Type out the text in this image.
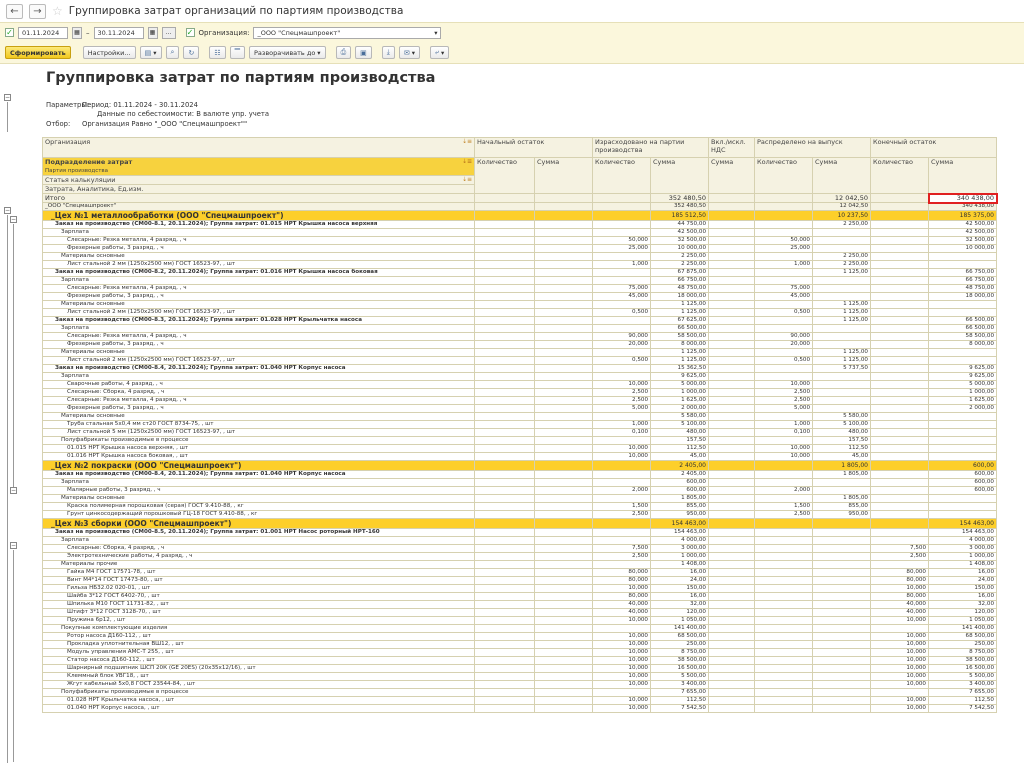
←	→ ☆ Группировка затрат организаций по партиям производства
✓	01.11.2024	▦ –	30.11.2024	▦	…	✓ Организация: _ООО "Спецмашпроект"	▾
Сформировать	Настройки... ▤ ▾	⌕ ↻	☷ ▔ Разворачивать до ▾	⎙ ▣	⤓ ✉ ▾	⤶ ▾
−
−
−
−
−
Группировка затрат по партиям производства
Параметры:Период: 01.11.2024 - 30.11.2024
Данные по себестоимости: В валюте упр. учета
Отбор: Организация Равно "_ООО "Спецмашпроект""
⇣≡
Организация	Начальный остаток		Израсходовано на партии производства		Вкл./искл. НДС	Распределено на выпуск		Конечный остаток	

⇣≡
Подразделение затрат
Партия производства	Количество	Сумма	Количество	Сумма	Сумма	Количество	Сумма	Количество	Сумма

⇣≡
Статья калькуляции									
Затрата, Аналитика, Ед.изм.									
Итого				352 480,50			12 042,50		340 438,00
_ООО "Спецмашпроект"				352 480,50			12 042,50		340 438,00
_Цех №1 металлообработки (ООО "Спецмашпроект")				185 512,50			10 237,50		185 375,00
Заказ на производство (СМ00-8.1, 20.11.2024); Группа затрат: 01.015 НРТ Крышка насоса верхняя				44 750,00			2 250,00		42 500,00
Зарплата				42 500,00					42 500,00
Слесарные: Резка металла, 4 разряд, , ч			50,000	32 500,00		50,000			32 500,00
Фрезерные работы, 3 разряд, , ч			25,000	10 000,00		25,000			10 000,00
Материалы основные				2 250,00			2 250,00		
Лист стальной 2 мм (1250х2500 мм) ГОСТ 16523-97, , шт			1,000	2 250,00		1,000	2 250,00		
Заказ на производство (СМ00-8.2, 20.11.2024); Группа затрат: 01.016 НРТ Крышка насоса боковая				67 875,00			1 125,00		66 750,00
Зарплата				66 750,00					66 750,00
Слесарные: Резка металла, 4 разряд, , ч			75,000	48 750,00		75,000			48 750,00
Фрезерные работы, 3 разряд, , ч			45,000	18 000,00		45,000			18 000,00
Материалы основные				1 125,00			1 125,00		
Лист стальной 2 мм (1250х2500 мм) ГОСТ 16523-97, , шт			0,500	1 125,00		0,500	1 125,00		
Заказ на производство (СМ00-8.3, 20.11.2024); Группа затрат: 01.028 НРТ Крыльчатка насоса				67 625,00			1 125,00		66 500,00
Зарплата				66 500,00					66 500,00
Слесарные: Резка металла, 4 разряд, , ч			90,000	58 500,00		90,000			58 500,00
Фрезерные работы, 3 разряд, , ч			20,000	8 000,00		20,000			8 000,00
Материалы основные				1 125,00			1 125,00		
Лист стальной 2 мм (1250х2500 мм) ГОСТ 16523-97, , шт			0,500	1 125,00		0,500	1 125,00		
Заказ на производство (СМ00-8.4, 20.11.2024); Группа затрат: 01.040 НРТ Корпус насоса				15 362,50			5 737,50		9 625,00
Зарплата				9 625,00					9 625,00
Сварочные работы, 4 разряд, , ч			10,000	5 000,00		10,000			5 000,00
Слесарные: Сборка, 4 разряд, , ч			2,500	1 000,00		2,500			1 000,00
Слесарные: Резка металла, 4 разряд, , ч			2,500	1 625,00		2,500			1 625,00
Фрезерные работы, 3 разряд, , ч			5,000	2 000,00		5,000			2 000,00
Материалы основные				5 580,00			5 580,00		
Труба стальная 5х0,4 мм ст20 ГОСТ 8734-75, , шт			1,000	5 100,00		1,000	5 100,00		
Лист стальной 5 мм (1250х2500 мм) ГОСТ 16523-97, , шт			0,100	480,00		0,100	480,00		
Полуфабрикаты производимые в процессе				157,50			157,50		
01.015 НРТ Крышка насоса верхняя, , шт			10,000	112,50		10,000	112,50		
01.016 НРТ Крышка насоса боковая, , шт			10,000	45,00		10,000	45,00		
_Цех №2 покраски (ООО "Спецмашпроект")				2 405,00			1 805,00		600,00
Заказ на производство (СМ00-8.4, 20.11.2024); Группа затрат: 01.040 НРТ Корпус насоса				2 405,00			1 805,00		600,00
Зарплата				600,00					600,00
Малярные работы, 3 разряд, , ч			2,000	600,00		2,000			600,00
Материалы основные				1 805,00			1 805,00		
Краска полимерная порошковая (серая) ГОСТ 9.410-88, , кг			1,500	855,00		1,500	855,00		
Грунт цинкосодержащий порошковый ГЦ-18 ГОСТ 9.410-88, , кг			2,500	950,00		2,500	950,00		
_Цех №3 сборки (ООО "Спецмашпроект")				154 463,00					154 463,00
Заказ на производство (СМ00-8.5, 20.11.2024); Группа затрат: 01.001 НРТ Насос роторный НРТ-160				154 463,00					154 463,00
Зарплата				4 000,00					4 000,00
Слесарные: Сборка, 4 разряд, , ч			7,500	3 000,00				7,500	3 000,00
Электротехнические работы, 4 разряд, , ч			2,500	1 000,00				2,500	1 000,00
Материалы прочие				1 408,00					1 408,00
Гайка М4 ГОСТ 17571-78, , шт			80,000	16,00				80,000	16,00
Винт М4*14 ГОСТ 17473-80, , шт			80,000	24,00				80,000	24,00
Гильза НБ32.02 020-01, , шт			10,000	150,00				10,000	150,00
Шайба 3*12 ГОСТ 6402-70, , шт			80,000	16,00				80,000	16,00
Шпилька М10 ГОСТ 11731-82, , шт			40,000	32,00				40,000	32,00
Штифт 3*12 ГОСТ 3128-70, , шт			40,000	120,00				40,000	120,00
Пружина 6р12, , шт			10,000	1 050,00				10,000	1 050,00
Покупные комплектующие изделия				141 400,00					141 400,00
Ротор насоса Д160-112, , шт			10,000	68 500,00				10,000	68 500,00
Прокладка уплотнительная ВШ12, , шт			10,000	250,00				10,000	250,00
Модуль управления АМС-Т 255, , шт			10,000	8 750,00				10,000	8 750,00
Статор насоса Д160-112, , шт			10,000	38 500,00				10,000	38 500,00
Шарнирный подшипник ШСП 20К (GE 20ES) (20х35х12/16), , шт			10,000	16 500,00				10,000	16 500,00
Клеммный блок УВГ18, , шт			10,000	5 500,00				10,000	5 500,00
Жгут кабельный 5х0,8 ГОСТ 23544-84, , шт			10,000	3 400,00				10,000	3 400,00
Полуфабрикаты производимые в процессе				7 655,00					7 655,00
01.028 НРТ Крыльчатка насоса, , шт			10,000	112,50				10,000	112,50
01.040 НРТ Корпус насоса, , шт			10,000	7 542,50				10,000	7 542,50
